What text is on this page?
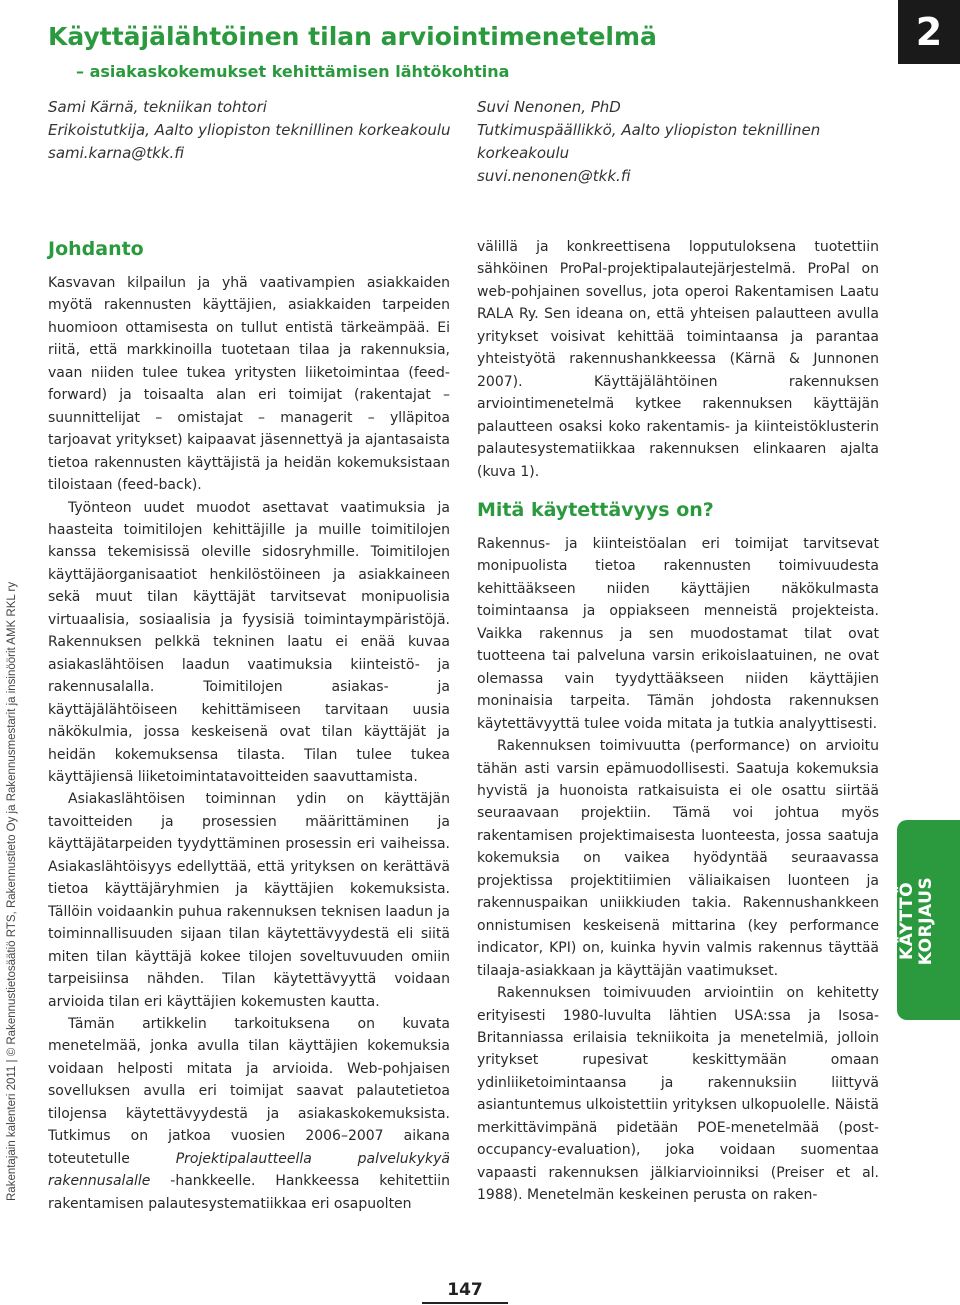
Käyttäjälähtöinen tilan arviointimenetelmä
– asiakaskokemukset kehittämisen lähtökohtina
2
Sami Kärnä, tekniikan tohtori
Erikoistutkija, Aalto yliopiston teknillinen korkeakoulu
sami.karna@tkk.fi
Suvi Nenonen, PhD
Tutkimuspäällikkö, Aalto yliopiston teknillinen korkeakoulu
suvi.nenonen@tkk.fi
Johdanto

Kasvavan kilpailun ja yhä vaativampien asiakkaiden myötä rakennusten käyttäjien, asiakkaiden tarpeiden huomioon ottamisesta on tullut entistä tärkeämpää. Ei riitä, että markkinoilla tuotetaan tilaa ja rakennuksia, vaan niiden tulee tukea yritysten liiketoimintaa (feed-forward) ja toisaalta alan eri toimijat (rakentajat – suunnittelijat – omistajat – managerit – ylläpitoa tarjoavat yritykset) kaipaavat jäsennettyä ja ajantasaista tietoa rakennusten käyttäjistä ja heidän kokemuksistaan tiloistaan (feed-back).

Työnteon uudet muodot asettavat vaatimuksia ja haasteita toimitilojen kehittäjille ja muille toimitilojen kanssa tekemisissä oleville sidosryhmille. Toimitilojen käyttäjäorganisaatiot henkilöstöineen ja asiakkaineen sekä muut tilan käyttäjät tarvitsevat monipuolisia virtuaalisia, sosiaalisia ja fyysisiä toimintaympäristöjä. Rakennuksen pelkkä tekninen laatu ei enää kuvaa asiakaslähtöisen laadun vaatimuksia kiinteistö- ja rakennusalalla. Toimitilojen asiakas- ja käyttäjälähtöiseen kehittämiseen tarvitaan uusia näkökulmia, jossa keskeisenä ovat tilan käyttäjät ja heidän kokemuksensa tilasta. Tilan tulee tukea käyttäjiensä liiketoimintatavoitteiden saavuttamista.

Asiakaslähtöisen toiminnan ydin on käyttäjän tavoitteiden ja prosessien määrittäminen ja käyttäjätarpeiden tyydyttäminen prosessin eri vaiheissa. Asiakaslähtöisyys edellyttää, että yrityksen on kerättävä tietoa käyttäjäryhmien ja käyttäjien kokemuksista. Tällöin voidaankin puhua rakennuksen teknisen laadun ja toiminnallisuuden sijaan tilan käytettävyydestä eli siitä miten tilan käyttäjä kokee tilojen soveltuvuuden omiin tarpeisiinsa nähden. Tilan käytettävyyttä voidaan arvioida tilan eri käyttäjien kokemusten kautta.

Tämän artikkelin tarkoituksena on kuvata menetelmää, jonka avulla tilan käyttäjien kokemuksia voidaan helposti mitata ja arvioida. Web-pohjaisen sovelluksen avulla eri toimijat saavat palautetietoa tilojensa käytettävyydestä ja asiakaskokemuksista. Tutkimus on jatkoa vuosien 2006–2007 aikana toteutetulle Projektipalautteella palvelukykyä rakennusalalle -hankkeelle. Hankkeessa kehitettiin rakentamisen palautesystematiikkaa eri osapuolten

välillä ja konkreettisena lopputuloksena tuotettiin sähköinen ProPal-projektipalautejärjestelmä. ProPal on web-pohjainen sovellus, jota operoi Rakentamisen Laatu RALA Ry. Sen ideana on, että yhteisen palautteen avulla yritykset voisivat kehittää toimintaansa ja parantaa yhteistyötä rakennushankkeessa (Kärnä & Junnonen 2007). Käyttäjälähtöinen rakennuksen arviointimenetelmä kytkee rakennuksen käyttäjän palautteen osaksi koko rakentamis- ja kiinteistöklusterin palautesystematiikkaa rakennuksen elinkaaren ajalta (kuva 1).

Mitä käytettävyys on?

Rakennus- ja kiinteistöalan eri toimijat tarvitsevat monipuolista tietoa rakennusten toimivuudesta kehittääkseen niiden käyttäjien näkökulmasta toimintaansa ja oppiakseen menneistä projekteista. Vaikka rakennus ja sen muodostamat tilat ovat tuotteena tai palveluna varsin erikoislaatuinen, ne ovat olemassa vain tyydyttääkseen niiden käyttäjien moninaisia tarpeita. Tämän johdosta rakennuksen käytettävyyttä tulee voida mitata ja tutkia analyyttisesti.

Rakennuksen toimivuutta (performance) on arvioitu tähän asti varsin epämuodollisesti. Saatuja kokemuksia hyvistä ja huonoista ratkaisuista ei ole osattu siirtää seuraavaan projektiin. Tämä voi johtua myös rakentamisen projektimaisesta luonteesta, jossa saatuja kokemuksia on vaikea hyödyntää seuraavassa projektissa projektitiimien väliaikaisen luonteen ja rakennuspaikan uniikkiuden takia. Rakennushankkeen onnistumisen keskeisenä mittarina (key performance indicator, KPI) on, kuinka hyvin valmis rakennus täyttää tilaaja-asiakkaan ja käyttäjän vaatimukset.

Rakennuksen toimivuuden arviointiin on kehitetty erityisesti 1980-luvulta lähtien USA:ssa ja Isosa-Britanniassa erilaisia tekniikoita ja menetelmiä, jolloin yritykset rupesivat keskittymään omaan ydinliiketoimintaansa ja rakennuksiin liittyvä asiantuntemus ulkoistettiin yrityksen ulkopuolelle. Näistä merkittävimpänä pidetään POE-menetelmää (post-occupancy-evaluation), joka voidaan suomentaa vapaasti rakennuksen jälkiarvioinniksi (Preiser et al. 1988). Menetelmän keskeinen perusta on raken-

Rakentajain kalenteri 2011 | © Rakennustietosäätiö RTS, Rakennustieto Oy ja Rakennusmestarit ja insinöörit AMK RKL ry	KÄYTTÖ KORJAUS
147
